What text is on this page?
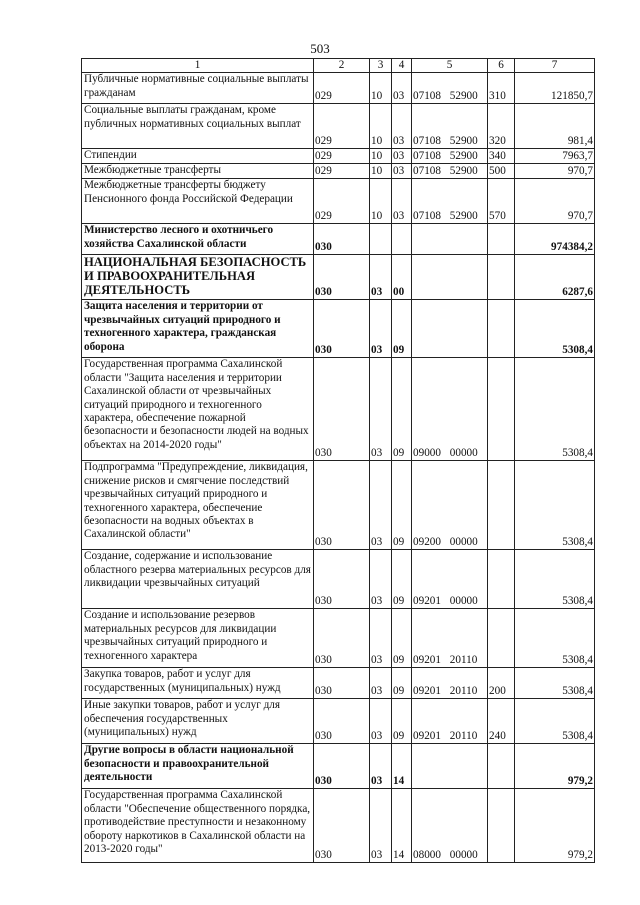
503
1	2	3	4	5	6	7
Публичные нормативные социальные выплаты гражданам	029	10	03	07108 52900	310	121850,7
Социальные выплаты гражданам, кроме публичных нормативных социальных выплат	029	10	03	07108 52900	320	981,4
Стипендии	029	10	03	07108 52900	340	7963,7
Межбюджетные трансферты	029	10	03	07108 52900	500	970,7
Межбюджетные трансферты бюджету Пенсионного фонда Российской Федерации	029	10	03	07108 52900	570	970,7
Министерство лесного и охотничьего хозяйства Сахалинской области	030					974384,2
НАЦИОНАЛЬНАЯ БЕЗОПАСНОСТЬ И ПРАВООХРАНИТЕЛЬНАЯ ДЕЯТЕЛЬНОСТЬ	030	03	00			6287,6
Защита населения и территории от чрезвычайных ситуаций природного и техногенного характера, гражданская оборона	030	03	09			5308,4
Государственная программа Сахалинской области "Защита населения и территории Сахалинской области от чрезвычайных ситуаций природного и техногенного характера, обеспечение пожарной безопасности и безопасности людей на водных объектах на 2014-2020 годы"	030	03	09	09000 00000		5308,4
Подпрограмма "Предупреждение, ликвидация, снижение рисков и смягчение последствий чрезвычайных ситуаций природного и техногенного характера, обеспечение безопасности на водных объектах в Сахалинской области"	030	03	09	09200 00000		5308,4
Создание, содержание и использование областного резерва материальных ресурсов для ликвидации чрезвычайных ситуаций	030	03	09	09201 00000		5308,4
Создание и использование резервов материальных ресурсов для ликвидации чрезвычайных ситуаций природного и техногенного характера	030	03	09	09201 20110		5308,4
Закупка товаров, работ и услуг для государственных (муниципальных) нужд	030	03	09	09201 20110	200	5308,4
Иные закупки товаров, работ и услуг для обеспечения государственных (муниципальных) нужд	030	03	09	09201 20110	240	5308,4
Другие вопросы в области национальной безопасности и правоохранительной деятельности	030	03	14			979,2
Государственная программа Сахалинской области "Обеспечение общественного порядка, противодействие преступности и незаконному обороту наркотиков в Сахалинской области на 2013-2020 годы"	030	03	14	08000 00000		979,2
